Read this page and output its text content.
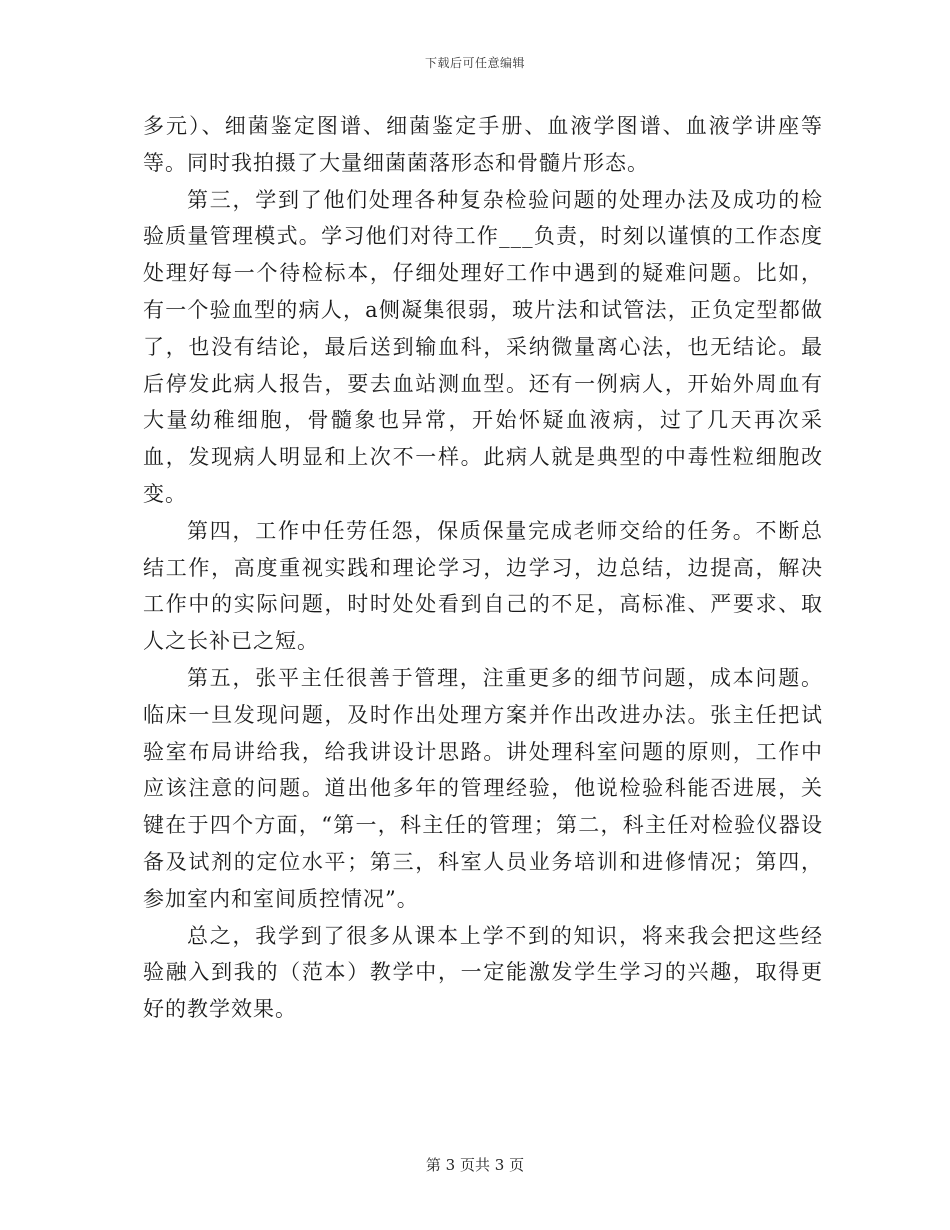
下载后可任意编辑

多元）、细菌鉴定图谱、细菌鉴定手册、血液学图谱、血液学讲座等等。同时我拍摄了大量细菌菌落形态和骨髓片形态。

第三，学到了他们处理各种复杂检验问题的处理办法及成功的检验质量管理模式。学习他们对待工作___负责，时刻以谨慎的工作态度处理好每一个待检标本，仔细处理好工作中遇到的疑难问题。比如，有一个验血型的病人，a侧凝集很弱，玻片法和试管法，正负定型都做了，也没有结论，最后送到输血科，采纳微量离心法，也无结论。最后停发此病人报告，要去血站测血型。还有一例病人，开始外周血有大量幼稚细胞，骨髓象也异常，开始怀疑血液病，过了几天再次采血，发现病人明显和上次不一样。此病人就是典型的中毒性粒细胞改变。

第四，工作中任劳任怨，保质保量完成老师交给的任务。不断总结工作，高度重视实践和理论学习，边学习，边总结，边提高，解决工作中的实际问题，时时处处看到自己的不足，高标准、严要求、取人之长补已之短。

第五，张平主任很善于管理，注重更多的细节问题，成本问题。临床一旦发现问题，及时作出处理方案并作出改进办法。张主任把试验室布局讲给我，给我讲设计思路。讲处理科室问题的原则，工作中应该注意的问题。道出他多年的管理经验，他说检验科能否进展，关键在于四个方面，“第一，科主任的管理；第二，科主任对检验仪器设备及试剂的定位水平；第三，科室人员业务培训和进修情况；第四，参加室内和室间质控情况”。

总之，我学到了很多从课本上学不到的知识，将来我会把这些经验融入到我的（范本）教学中，一定能激发学生学习的兴趣，取得更好的教学效果。

第 3 页共 3 页
